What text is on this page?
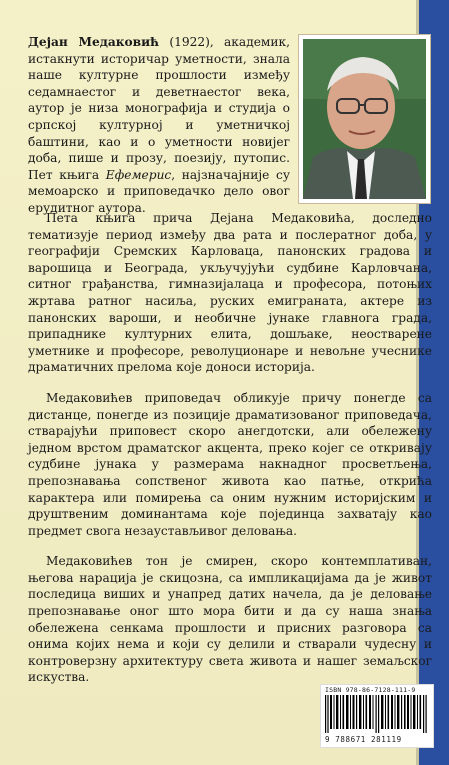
Дејан Медаковић (1922), академик, истакнути историчар уметности, знала наше културне прошлости између седамнаестог и деветнаестог века, аутор је низа монографија и студија о српској културној и уметничкој баштини, као и о уметности новијег доба, пише и прозу, поезију, путопис. Пет књига Ефемерис, најзначајније су мемоарско и приповедачко дело овог ерудитног аутора.

Пета књига прича Дејана Медаковића, доследно тематизује период између два рата и послератног доба, у географији Сремских Карловаца, панонских градова и варошица и Београда, укључујући судбине Карловчана, ситног грађанства, гимназијалаца и професора, потоњих жртава ратног насиља, руских емиграната, актере из панонских вароши, и необичне јунаке главнога града, припаднике културних елита, дошљаке, неостварене уметнике и професоре, револуционаре и невољне учеснике драматичних прелома које доноси историја.

Медаковићев приповедач обликује причу понегде са дистанце, понегде из позиције драматизованог приповедача, стварајући приповест скоро анегдотски, али обележену једном врстом драматског акцента, преко којег се откривају судбине јунака у размерама накнадног просветљења, препознавања сопственог живота као патње, открића карактера или помирења са оним нужним историјским и друштвеним доминантама које појединца захватају као предмет свога незаустављивог деловања.

Медаковићев тон је смирен, скоро контемплативан, његова нарација је скицозна, са импликацијама да је живот последица виших и унапред датих начела, да је деловање препознавање оног што мора бити и да су наша знања обележена сенкама прошлости и присних разговора са онима којих нема и који су делили и стварали чудесну и контроверзну архитектуру света живота и нашег земаљског искуства.

ISBN 978-86-7128-111-9
9 788671 281119
